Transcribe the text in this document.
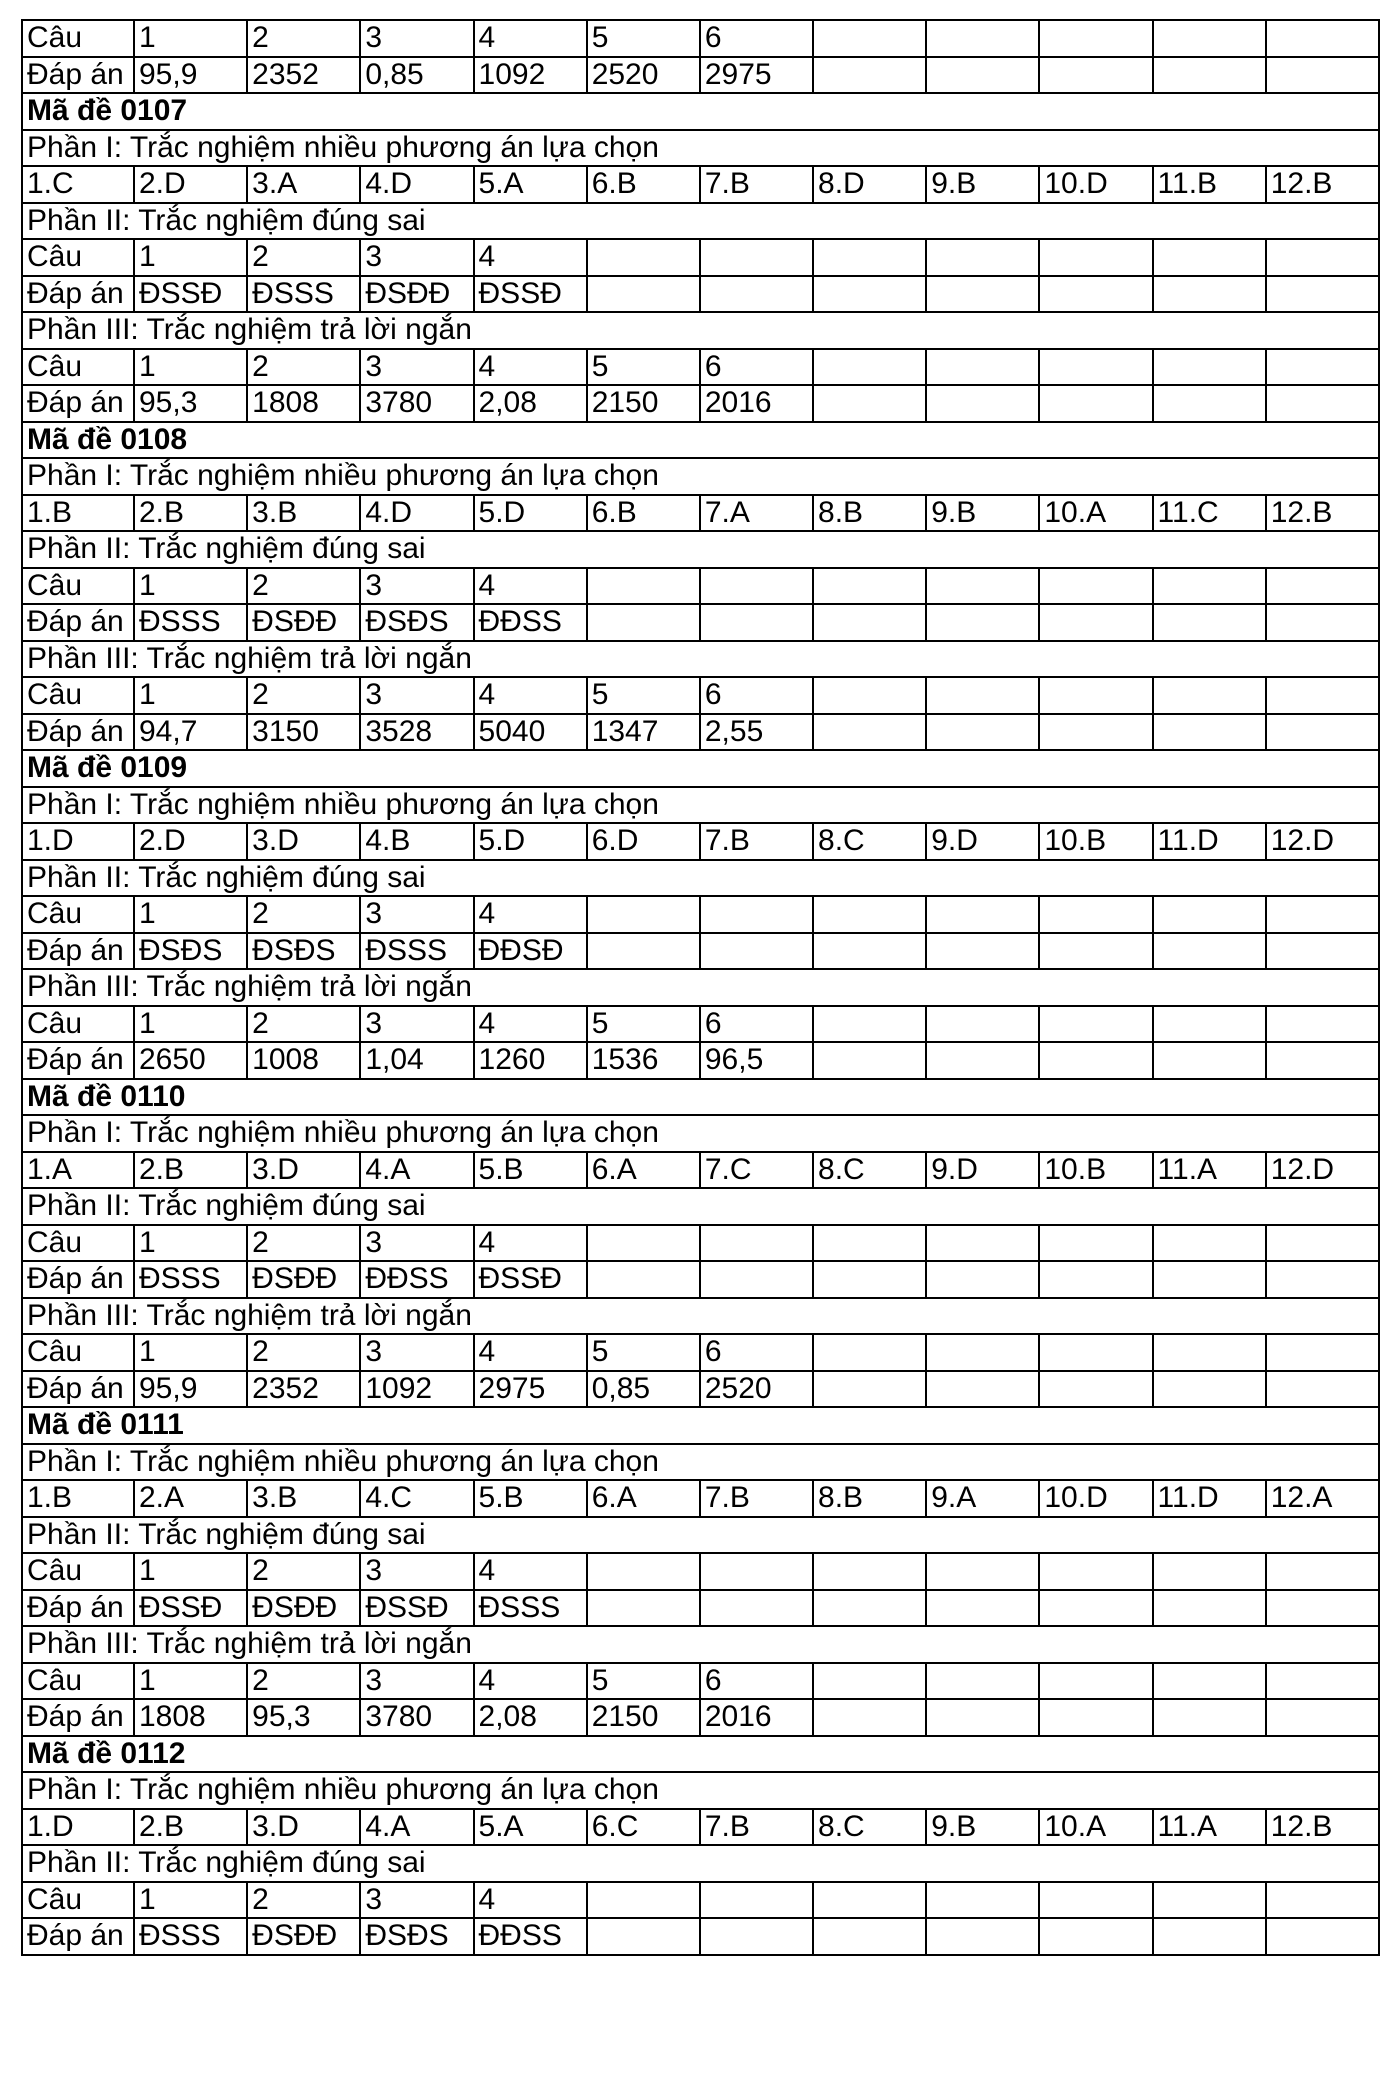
Câu	1	2	3	4	5	6					
Đáp án	95,9	2352	0,85	1092	2520	2975					
Mã đề 0107											
Phần I: Trắc nghiệm nhiều phương án lựa chọn											
1.C	2.D	3.A	4.D	5.A	6.B	7.B	8.D	9.B	10.D	11.B	12.B
Phần II: Trắc nghiệm đúng sai											
Câu	1	2	3	4							
Đáp án	ĐSSĐ	ĐSSS	ĐSĐĐ	ĐSSĐ							
Phần III: Trắc nghiệm trả lời ngắn											
Câu	1	2	3	4	5	6					
Đáp án	95,3	1808	3780	2,08	2150	2016					
Mã đề 0108											
Phần I: Trắc nghiệm nhiều phương án lựa chọn											
1.B	2.B	3.B	4.D	5.D	6.B	7.A	8.B	9.B	10.A	11.C	12.B
Phần II: Trắc nghiệm đúng sai											
Câu	1	2	3	4							
Đáp án	ĐSSS	ĐSĐĐ	ĐSĐS	ĐĐSS							
Phần III: Trắc nghiệm trả lời ngắn											
Câu	1	2	3	4	5	6					
Đáp án	94,7	3150	3528	5040	1347	2,55					
Mã đề 0109											
Phần I: Trắc nghiệm nhiều phương án lựa chọn											
1.D	2.D	3.D	4.B	5.D	6.D	7.B	8.C	9.D	10.B	11.D	12.D
Phần II: Trắc nghiệm đúng sai											
Câu	1	2	3	4							
Đáp án	ĐSĐS	ĐSĐS	ĐSSS	ĐĐSĐ							
Phần III: Trắc nghiệm trả lời ngắn											
Câu	1	2	3	4	5	6					
Đáp án	2650	1008	1,04	1260	1536	96,5					
Mã đề 0110											
Phần I: Trắc nghiệm nhiều phương án lựa chọn											
1.A	2.B	3.D	4.A	5.B	6.A	7.C	8.C	9.D	10.B	11.A	12.D
Phần II: Trắc nghiệm đúng sai											
Câu	1	2	3	4							
Đáp án	ĐSSS	ĐSĐĐ	ĐĐSS	ĐSSĐ							
Phần III: Trắc nghiệm trả lời ngắn											
Câu	1	2	3	4	5	6					
Đáp án	95,9	2352	1092	2975	0,85	2520					
Mã đề 0111											
Phần I: Trắc nghiệm nhiều phương án lựa chọn											
1.B	2.A	3.B	4.C	5.B	6.A	7.B	8.B	9.A	10.D	11.D	12.A
Phần II: Trắc nghiệm đúng sai											
Câu	1	2	3	4							
Đáp án	ĐSSĐ	ĐSĐĐ	ĐSSĐ	ĐSSS							
Phần III: Trắc nghiệm trả lời ngắn											
Câu	1	2	3	4	5	6					
Đáp án	1808	95,3	3780	2,08	2150	2016					
Mã đề 0112											
Phần I: Trắc nghiệm nhiều phương án lựa chọn											
1.D	2.B	3.D	4.A	5.A	6.C	7.B	8.C	9.B	10.A	11.A	12.B
Phần II: Trắc nghiệm đúng sai											
Câu	1	2	3	4							
Đáp án	ĐSSS	ĐSĐĐ	ĐSĐS	ĐĐSS							
